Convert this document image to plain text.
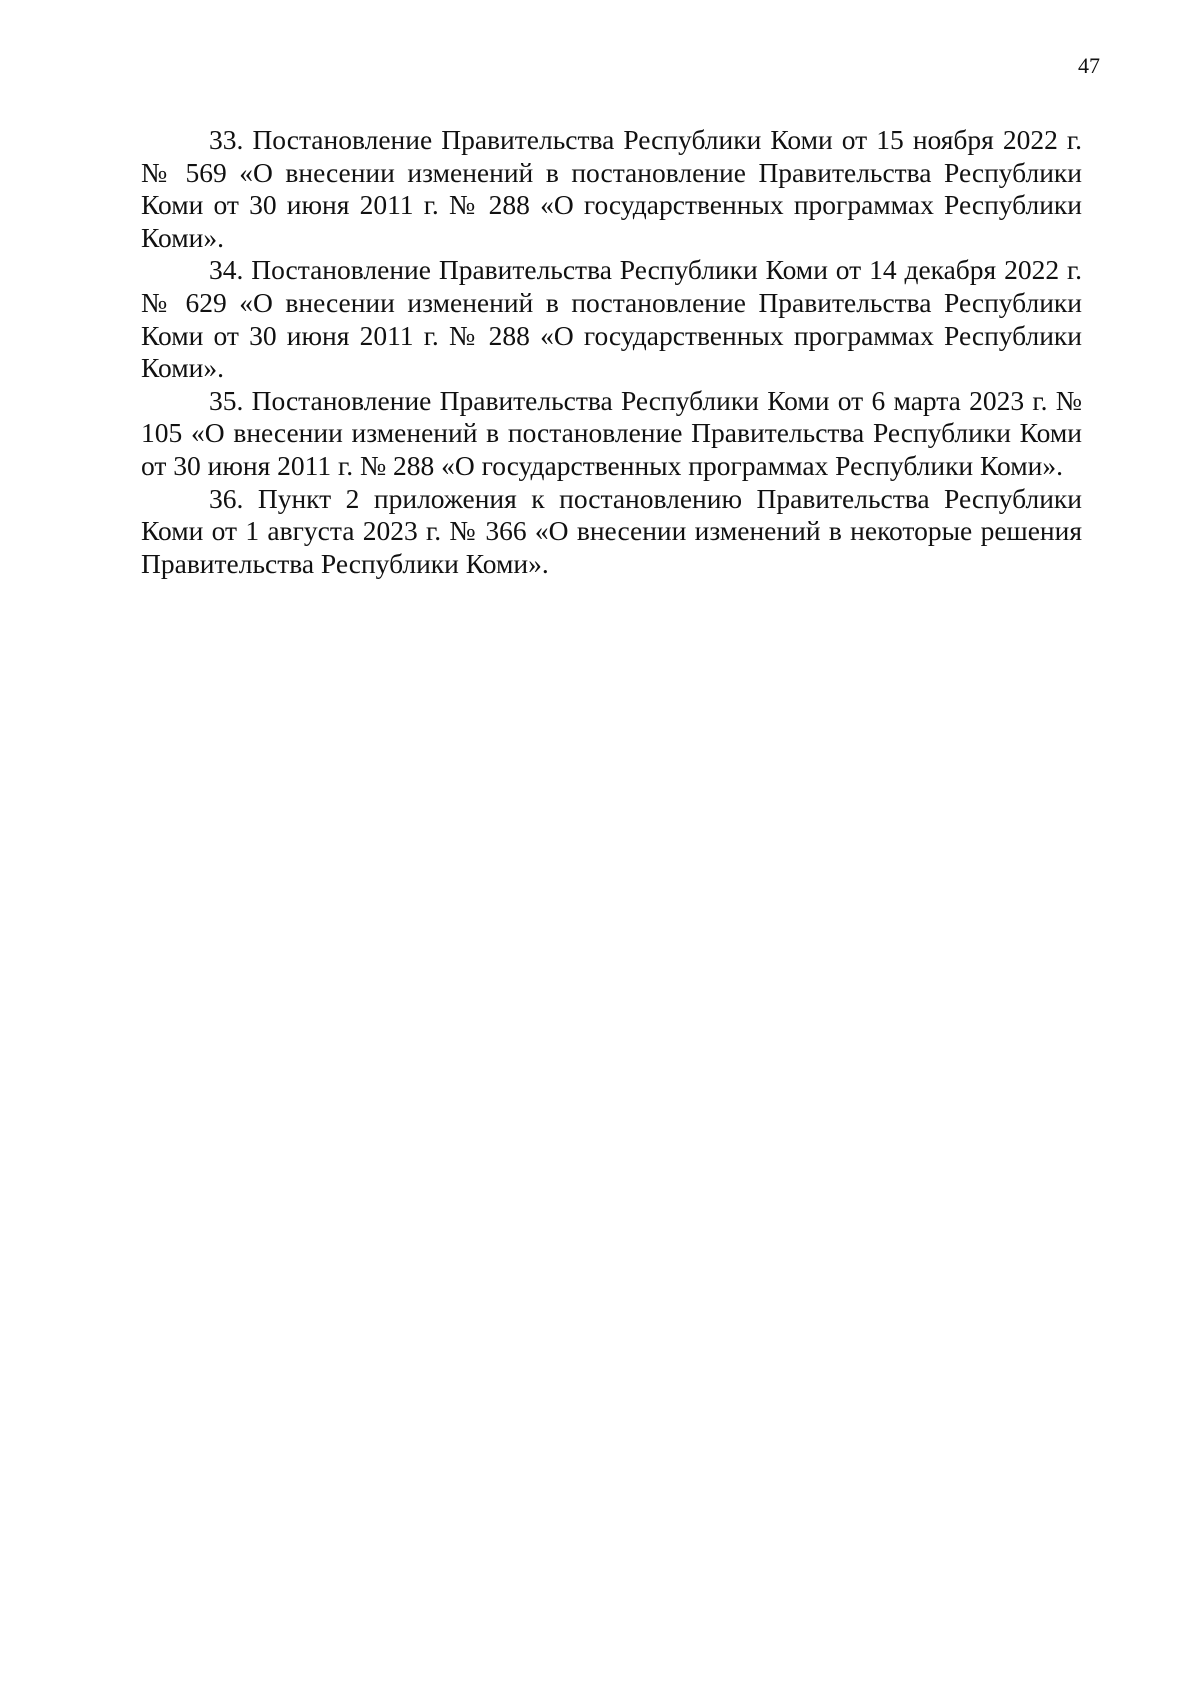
47

33. Постановление Правительства Республики Коми от 15 ноября 2022 г. № 569 «О внесении изменений в постановление Правительства Республики Коми от 30 июня 2011 г. № 288 «О государственных программах Республики Коми».

34. Постановление Правительства Республики Коми от 14 декабря 2022 г. № 629 «О внесении изменений в постановление Правительства Республики Коми от 30 июня 2011 г. № 288 «О государственных программах Республики Коми».

35. Постановление Правительства Республики Коми от 6 марта 2023 г. № 105 «О внесении изменений в постановление Правительства Республики Коми от 30 июня 2011 г. № 288 «О государственных программах Республики Коми».

36. Пункт 2 приложения к постановлению Правительства Республики Коми от 1 августа 2023 г. № 366 «О внесении изменений в некоторые решения Правительства Республики Коми».
